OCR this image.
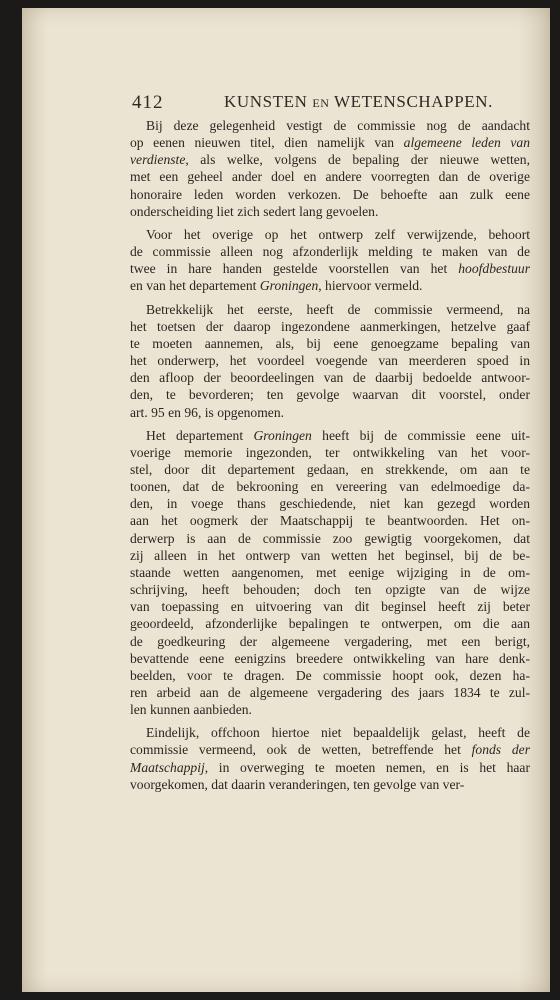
412	KUNSTEN EN WETENSCHAPPEN.

Bij deze gelegenheid vestigt de commissie nog de aandacht
op eenen nieuwen titel, dien namelijk van algemeene leden van
verdienste, als welke, volgens de bepaling der nieuwe wetten,
met een geheel ander doel en andere voorregten dan de overige
honoraire leden worden verkozen. De behoefte aan zulk eene
onderscheiding liet zich sedert lang gevoelen.

Voor het overige op het ontwerp zelf verwijzende, behoort
de commissie alleen nog afzonderlijk melding te maken van de
twee in hare handen gestelde voorstellen van het hoofdbestuur
en van het departement Groningen, hiervoor vermeld.

Betrekkelijk het eerste, heeft de commissie vermeend, na
het toetsen der daarop ingezondene aanmerkingen, hetzelve gaaf
te moeten aannemen, als, bij eene genoegzame bepaling van
het onderwerp, het voordeel voegende van meerderen spoed in
den afloop der beoordeelingen van de daarbij bedoelde antwoor-
den, te bevorderen; ten gevolge waarvan dit voorstel, onder
art. 95 en 96, is opgenomen.

Het departement Groningen heeft bij de commissie eene uit-
voerige memorie ingezonden, ter ontwikkeling van het voor-
stel, door dit departement gedaan, en strekkende, om aan te
toonen, dat de bekrooning en vereering van edelmoedige da-
den, in voege thans geschiedende, niet kan gezegd worden
aan het oogmerk der Maatschappij te beantwoorden. Het on-
derwerp is aan de commissie zoo gewigtig voorgekomen, dat
zij alleen in het ontwerp van wetten het beginsel, bij de be-
staande wetten aangenomen, met eenige wijziging in de om-
schrijving, heeft behouden; doch ten opzigte van de wijze
van toepassing en uitvoering van dit beginsel heeft zij beter
geoordeeld, afzonderlijke bepalingen te ontwerpen, om die aan
de goedkeuring der algemeene vergadering, met een berigt,
bevattende eene eenigzins breedere ontwikkeling van hare denk-
beelden, voor te dragen. De commissie hoopt ook, dezen ha-
ren arbeid aan de algemeene vergadering des jaars 1834 te zul-
len kunnen aanbieden.

Eindelijk, offchoon hiertoe niet bepaaldelijk gelast, heeft de
commissie vermeend, ook de wetten, betreffende het fonds der
Maatschappij, in overweging te moeten nemen, en is het haar
voorgekomen, dat daarin veranderingen, ten gevolge van ver-
